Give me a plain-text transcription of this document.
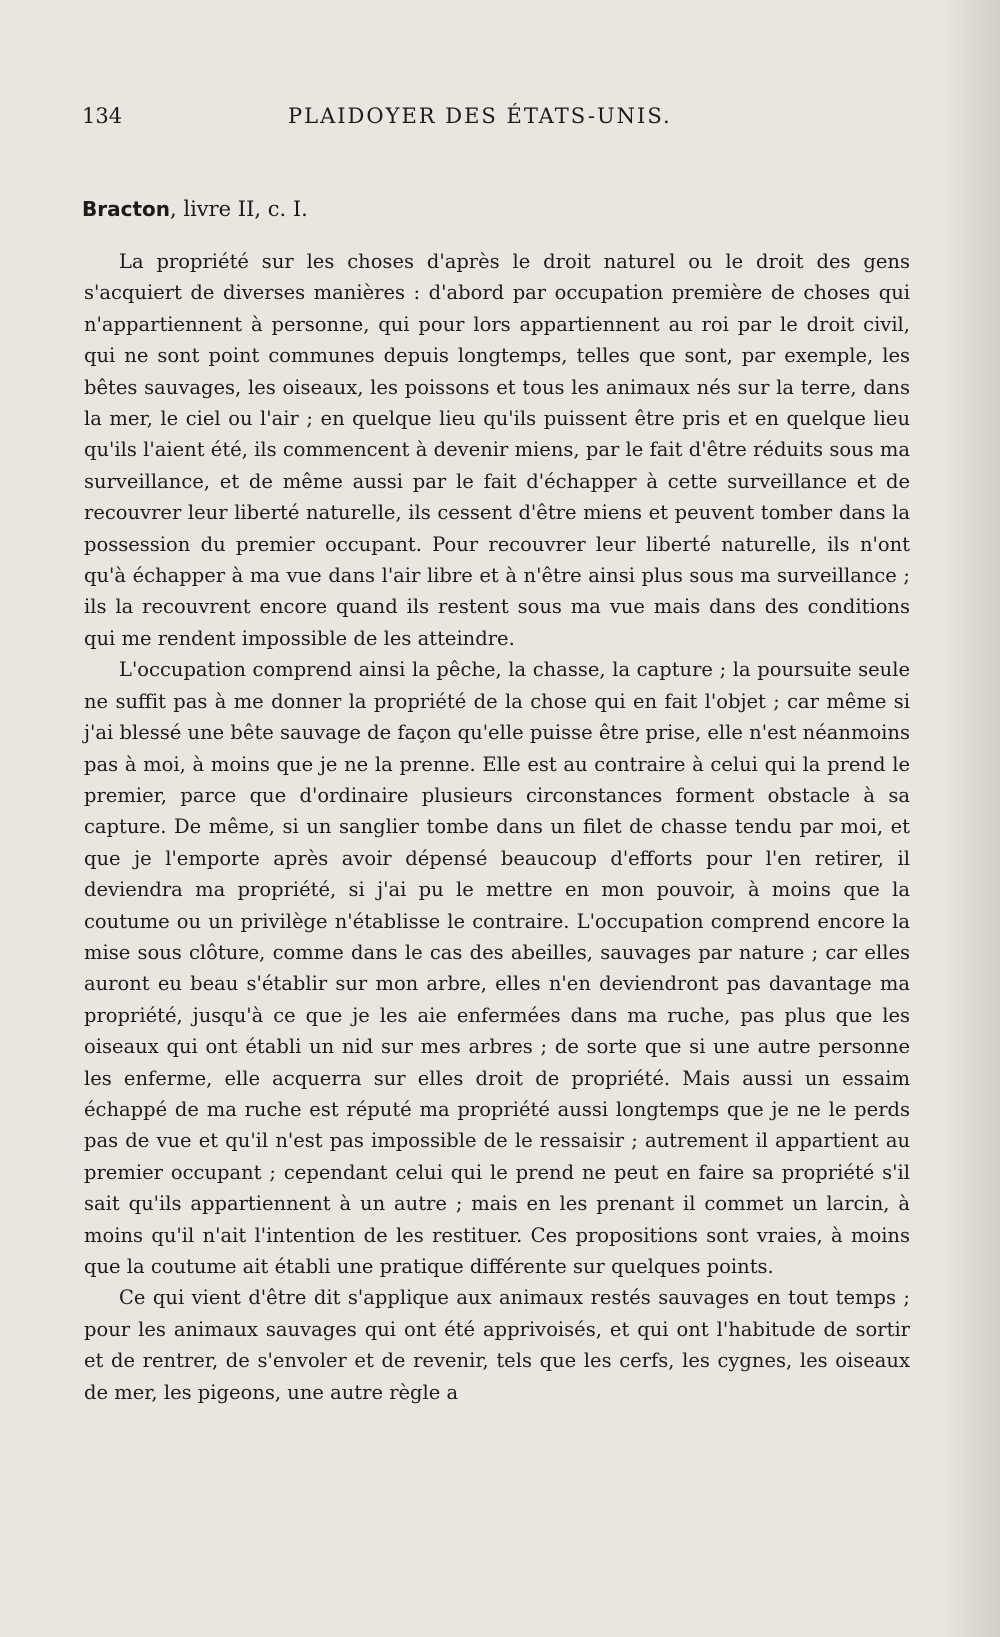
134	PLAIDOYER DES ÉTATS-UNIS.
Bracton, livre II, c. I.

La propriété sur les choses d'après le droit naturel ou le droit des gens s'acquiert de diverses manières : d'abord par occupation première de choses qui n'appartiennent à personne, qui pour lors appartiennent au roi par le droit civil, qui ne sont point communes depuis longtemps, telles que sont, par exemple, les bêtes sauvages, les oiseaux, les poissons et tous les animaux nés sur la terre, dans la mer, le ciel ou l'air ; en quelque lieu qu'ils puissent être pris et en quelque lieu qu'ils l'aient été, ils commencent à devenir miens, par le fait d'être réduits sous ma surveillance, et de même aussi par le fait d'échapper à cette surveillance et de recouvrer leur liberté naturelle, ils cessent d'être miens et peuvent tomber dans la possession du premier occupant. Pour recouvrer leur liberté naturelle, ils n'ont qu'à échapper à ma vue dans l'air libre et à n'être ainsi plus sous ma surveillance ; ils la recouvrent encore quand ils restent sous ma vue mais dans des conditions qui me rendent impossible de les atteindre.

L'occupation comprend ainsi la pêche, la chasse, la capture ; la poursuite seule ne suffit pas à me donner la propriété de la chose qui en fait l'objet ; car même si j'ai blessé une bête sauvage de façon qu'elle puisse être prise, elle n'est néanmoins pas à moi, à moins que je ne la prenne. Elle est au contraire à celui qui la prend le premier, parce que d'ordinaire plusieurs circonstances forment obstacle à sa capture. De même, si un sanglier tombe dans un filet de chasse tendu par moi, et que je l'emporte après avoir dépensé beaucoup d'efforts pour l'en retirer, il deviendra ma propriété, si j'ai pu le mettre en mon pouvoir, à moins que la coutume ou un privilège n'établisse le contraire. L'occupation comprend encore la mise sous clôture, comme dans le cas des abeilles, sauvages par nature ; car elles auront eu beau s'établir sur mon arbre, elles n'en deviendront pas davantage ma propriété, jusqu'à ce que je les aie enfermées dans ma ruche, pas plus que les oiseaux qui ont établi un nid sur mes arbres ; de sorte que si une autre personne les enferme, elle acquerra sur elles droit de propriété. Mais aussi un essaim échappé de ma ruche est réputé ma propriété aussi longtemps que je ne le perds pas de vue et qu'il n'est pas impossible de le ressaisir ; autrement il appartient au premier occupant ; cependant celui qui le prend ne peut en faire sa propriété s'il sait qu'ils appartiennent à un autre ; mais en les prenant il commet un larcin, à moins qu'il n'ait l'intention de les restituer. Ces propositions sont vraies, à moins que la coutume ait établi une pratique différente sur quelques points.

Ce qui vient d'être dit s'applique aux animaux restés sauvages en tout temps ; pour les animaux sauvages qui ont été apprivoisés, et qui ont l'habitude de sortir et de rentrer, de s'envoler et de revenir, tels que les cerfs, les cygnes, les oiseaux de mer, les pigeons, une autre règle a
